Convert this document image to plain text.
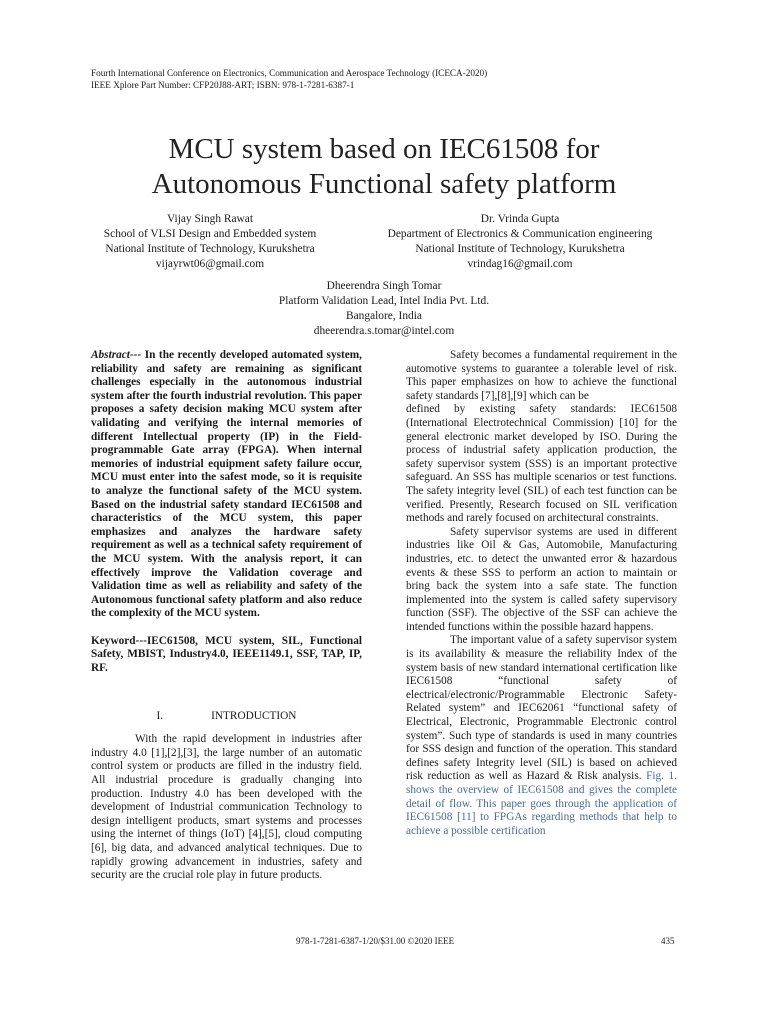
Fourth International Conference on Electronics, Communication and Aerospace Technology (ICECA-2020)
IEEE Xplore Part Number: CFP20J88-ART; ISBN: 978-1-7281-6387-1
MCU system based on IEC61508 for
Autonomous Functional safety platform
Vijay Singh Rawat
School of VLSI Design and Embedded system
National Institute of Technology, Kurukshetra
vijayrwt06@gmail.com
Dr. Vrinda Gupta
Department of Electronics & Communication engineering
National Institute of Technology, Kurukshetra
vrindag16@gmail.com
Dheerendra Singh Tomar
Platform Validation Lead, Intel India Pvt. Ltd.
Bangalore, India
dheerendra.s.tomar@intel.com

Abstract--- In the recently developed automated system, reliability and safety are remaining as significant challenges especially in the autonomous industrial system after the fourth industrial revolution. This paper proposes a safety decision making MCU system after validating and verifying the internal memories of different Intellectual property (IP) in the Field-programmable Gate array (FPGA). When internal memories of industrial equipment safety failure occur, MCU must enter into the safest mode, so it is requisite to analyze the functional safety of the MCU system. Based on the industrial safety standard IEC61508 and characteristics of the MCU system, this paper emphasizes and analyzes the hardware safety requirement as well as a technical safety requirement of the MCU system. With the analysis report, it can effectively improve the Validation coverage and Validation time as well as reliability and safety of the Autonomous functional safety platform and also reduce the complexity of the MCU system.

Keyword---IEC61508, MCU system, SIL, Functional Safety, MBIST, Industry4.0, IEEE1149.1, SSF, TAP, IP, RF.

I.	INTRODUCTION

With the rapid development in industries after industry 4.0 [1],[2],[3], the large number of an automatic control system or products are filled in the industry field. All industrial procedure is gradually changing into production. Industry 4.0 has been developed with the development of Industrial communication Technology to design intelligent products, smart systems and processes using the internet of things (IoT) [4],[5], cloud computing [6], big data, and advanced analytical techniques. Due to rapidly growing advancement in industries, safety and security are the crucial role play in future products.

Safety becomes a fundamental requirement in the automotive systems to guarantee a tolerable level of risk. This paper emphasizes on how to achieve the functional safety standards [7],[8],[9] which can be

defined by existing safety standards: IEC61508 (International Electrotechnical Commission) [10] for the general electronic market developed by ISO. During the process of industrial safety application production, the safety supervisor system (SSS) is an important protective safeguard. An SSS has multiple scenarios or test functions. The safety integrity level (SIL) of each test function can be verified. Presently, Research focused on SIL verification methods and rarely focused on architectural constraints.

Safety supervisor systems are used in different industries like Oil & Gas, Automobile, Manufacturing industries, etc. to detect the unwanted error & hazardous events & these SSS to perform an action to maintain or bring back the system into a safe state. The function implemented into the system is called safety supervisory function (SSF). The objective of the SSF can achieve the intended functions within the possible hazard happens.

The important value of a safety supervisor system is its availability & measure the reliability Index of the system basis of new standard international certification like IEC61508 “functional safety of electrical/electronic/Programmable Electronic Safety-Related system” and IEC62061 “functional safety of Electrical, Electronic, Programmable Electronic control system”. Such type of standards is used in many countries for SSS design and function of the operation. This standard defines safety Integrity level (SIL) is based on achieved risk reduction as well as Hazard & Risk analysis. Fig. 1. shows the overview of IEC61508 and gives the complete detail of flow. This paper goes through the application of IEC61508 [11] to FPGAs regarding methods that help to achieve a possible certification

978-1-7281-6387-1/20/$31.00 ©2020 IEEE	435
